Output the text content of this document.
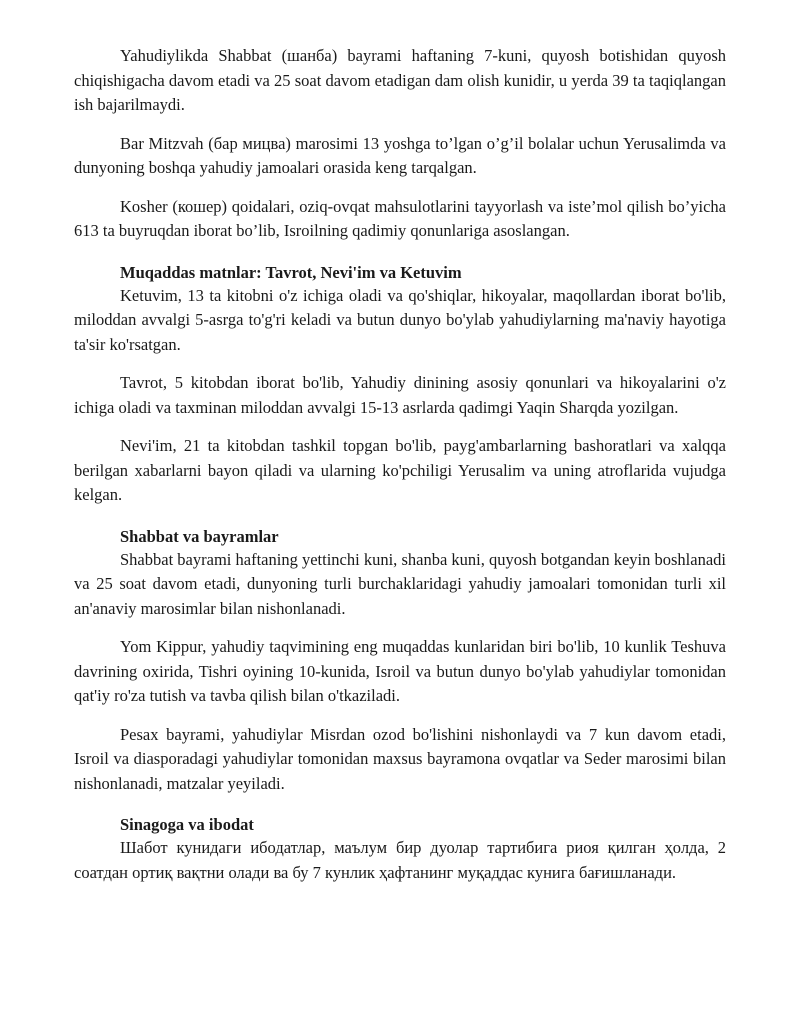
Yahudiylikda Shabbat (шанба) bayrami haftaning 7-kuni, quyosh botishidan quyosh chiqishigacha davom etadi va 25 soat davom etadigan dam olish kunidir, u yerda 39 ta taqiqlangan ish bajarilmaydi.

Bar Mitzvah (бар мицва) marosimi 13 yoshga to’lgan o’g’il bolalar uchun Yerusalimda va dunyoning boshqa yahudiy jamoalari orasida keng tarqalgan.

Kosher (кошер) qoidalari, oziq-ovqat mahsulotlarini tayyorlash va iste’mol qilish bo’yicha 613 ta buyruqdan iborat bo’lib, Isroilning qadimiy qonunlariga asoslangan.

Muqaddas matnlar: Tavrot, Nevi'im va Ketuvim

Ketuvim, 13 ta kitobni o'z ichiga oladi va qo'shiqlar, hikoyalar, maqollardan iborat bo'lib, miloddan avvalgi 5-asrga to'g'ri keladi va butun dunyo bo'ylab yahudiylarning ma'naviy hayotiga ta'sir ko'rsatgan.

Tavrot, 5 kitobdan iborat bo'lib, Yahudiy dinining asosiy qonunlari va hikoyalarini o'z ichiga oladi va taxminan miloddan avvalgi 15-13 asrlarda qadimgi Yaqin Sharqda yozilgan.

Nevi'im, 21 ta kitobdan tashkil topgan bo'lib, payg'ambarlarning bashoratlari va xalqqa berilgan xabarlarni bayon qiladi va ularning ko'pchiligi Yerusalim va uning atroflarida vujudga kelgan.

Shabbat va bayramlar

Shabbat bayrami haftaning yettinchi kuni, shanba kuni, quyosh botgandan keyin boshlanadi va 25 soat davom etadi, dunyoning turli burchaklaridagi yahudiy jamoalari tomonidan turli xil an'anaviy marosimlar bilan nishonlanadi.

Yom Kippur, yahudiy taqvimining eng muqaddas kunlaridan biri bo'lib, 10 kunlik Teshuva davrining oxirida, Tishri oyining 10-kunida, Isroil va butun dunyo bo'ylab yahudiylar tomonidan qat'iy ro'za tutish va tavba qilish bilan o'tkaziladi.

Pesax bayrami, yahudiylar Misrdan ozod bo'lishini nishonlaydi va 7 kun davom etadi, Isroil va diasporadagi yahudiylar tomonidan maxsus bayramona ovqatlar va Seder marosimi bilan nishonlanadi, matzalar yeyiladi.

Sinagoga va ibodat

Шабот кунидаги ибодатлар, маълум бир дуолар тартибига риоя қилган ҳолда, 2 соатдан ортиқ вақтни олади ва бу 7 кунлик ҳафтанинг муқаддас кунига бағишланади.
